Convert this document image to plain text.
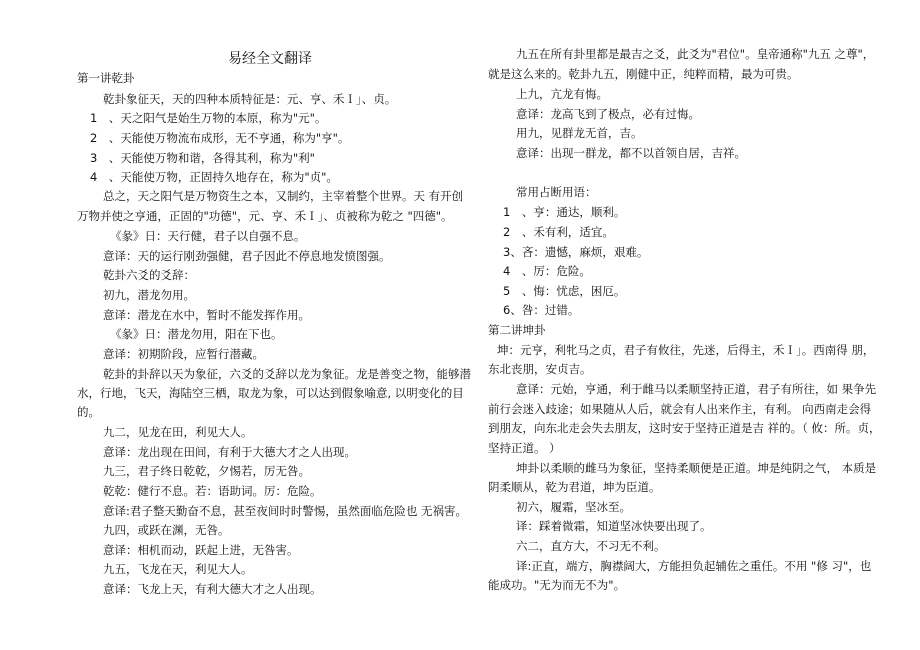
易经全文翻译
第一讲乾卦
乾卦象征天，天的四种本质特征是：元、亨、禾Ｉ」、贞。
1　、天之阳气是始生万物的本原，称为"元"。
2　、天能使万物流布成形，无不亨通，称为"亨"。
3　、天能使万物和谐，各得其利，称为"利"
4　、天能使万物，正固持久地存在，称为"贞"。
总之，天之阳气是万物资生之本，又制约，主宰着整个世界。天 有开创
万物并使之亨通，正固的"功德"，元、亨、禾Ｉ」、贞被称为乾之 "四德"。
《彖》日：天行健，君子以自强不息。
意译：天的运行刚劲强健，君子因此不停息地发愤图强。
乾卦六爻的爻辞：
初九，潜龙勿用。
意译：潜龙在水中，暂时不能发挥作用。
《彖》日：潜龙勿用，阳在下也。
意译：初期阶段，应暂行潜藏。
乾卦的卦辞以天为象征，六爻的爻辞以龙为象征。龙是善变之物，能够潜
水，行地，飞天，海陆空三栖，取龙为象，可以达到假象喻意, 以明变化的目
的。
九二，见龙在田，利见大人。
意译：龙出现在田间，有利于大德大才之人出现。
九三，君子终日乾乾，夕惕若，厉无咎。
乾乾：健行不息。若：语助词。厉：危险。
意译:君子整天勤奋不息，甚至夜间时时警惕，虽然面临危险也 无祸害。
九四，或跃在渊，无咎。
意译：相机而动，跃起上进，无咎害。
九五，飞龙在天，利见大人。
意译：飞龙上天，有利大德大才之人出现。
九五在所有卦里都是最吉之爻，此爻为"君位"。皇帝通称"九五 之尊"，
就是这么来的。乾卦九五，刚健中正，纯粹而精，最为可贵。
上九，亢龙有悔。
意译：龙高飞到了极点，必有过悔。
用九，见群龙无首，吉。
意译：出现一群龙，都不以首领自居，吉祥。
常用占断用语：
1　、亨：通达，顺利。
2　、禾有利，适宜。
3、吝：遗憾，麻烦，艰难。
4　、厉：危险。
5　、悔：忧虑，困厄。
6、咎：过错。
第二讲坤卦
坤：元亨，利牝马之贞，君子有攸往，先迷，后得主，禾Ｉ」。西南得 朋，
东北丧朋，安贞吉。
意译：元始，亨通，利于雌马以柔顺坚持正道，君子有所往，如 果争先
前行会迷入歧途；如果随从人后，就会有人出来作主，有利。 向西南走会得
到朋友，向东北走会失去朋友，这时安于坚持正道是吉 祥的。（ 攸：所。贞，
坚持正道。 ）
坤卦以柔顺的雌马为象征，坚持柔顺便是正道。坤是纯阴之气， 本质是
阴柔顺从，乾为君道，坤为臣道。
初六，履霜，坚冰至。
译：踩着微霜，知道坚冰快要出现了。
六二，直方大，不习无不利。
译:正直，端方，胸襟阔大，方能担负起辅佐之重任。不用 "修 习"，也
能成功。"无为而无不为"。
